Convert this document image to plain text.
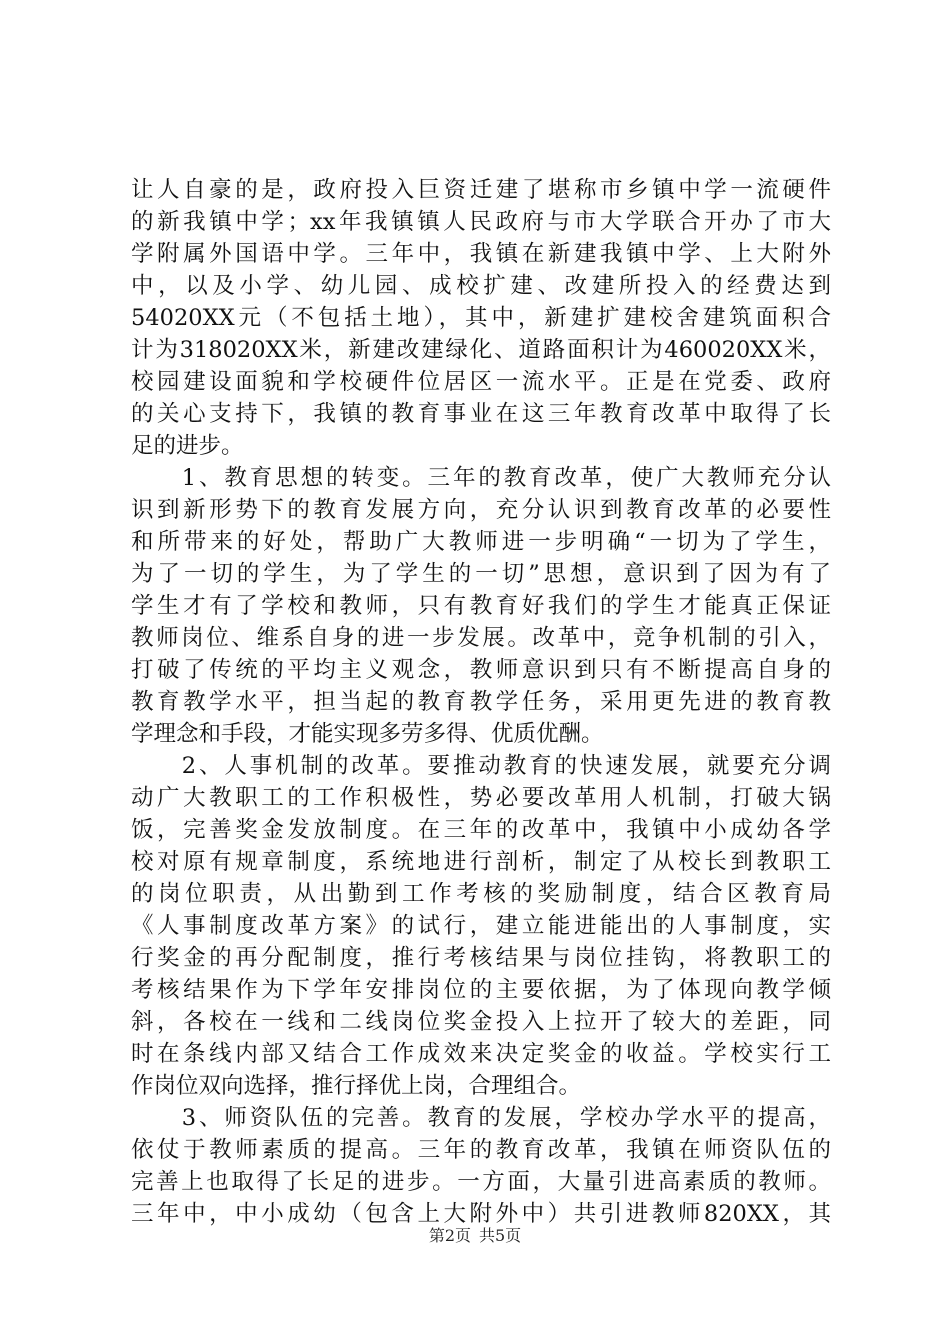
让人自豪的是，政府投入巨资迁建了堪称市乡镇中学一流硬件
的新我镇中学；xx年我镇镇人民政府与市大学联合开办了市大
学附属外国语中学。三年中，我镇在新建我镇中学、上大附外
中，以及小学、幼儿园、成校扩建、改建所投入的经费达到
54020XX元（不包括土地），其中，新建扩建校舍建筑面积合
计为318020XX米，新建改建绿化、道路面积计为460020XX米，
校园建设面貌和学校硬件位居区一流水平。正是在党委、政府
的关心支持下，我镇的教育事业在这三年教育改革中取得了长
足的进步。
　　1、教育思想的转变。三年的教育改革，使广大教师充分认
识到新形势下的教育发展方向，充分认识到教育改革的必要性
和所带来的好处，帮助广大教师进一步明确“一切为了学生，
为了一切的学生，为了学生的一切”思想，意识到了因为有了
学生才有了学校和教师，只有教育好我们的学生才能真正保证
教师岗位、维系自身的进一步发展。改革中，竞争机制的引入，
打破了传统的平均主义观念，教师意识到只有不断提高自身的
教育教学水平，担当起的教育教学任务，采用更先进的教育教
学理念和手段，才能实现多劳多得、优质优酬。
　　2、人事机制的改革。要推动教育的快速发展，就要充分调
动广大教职工的工作积极性，势必要改革用人机制，打破大锅
饭，完善奖金发放制度。在三年的改革中，我镇中小成幼各学
校对原有规章制度，系统地进行剖析，制定了从校长到教职工
的岗位职责，从出勤到工作考核的奖励制度，结合区教育局
《人事制度改革方案》的试行，建立能进能出的人事制度，实
行奖金的再分配制度，推行考核结果与岗位挂钩，将教职工的
考核结果作为下学年安排岗位的主要依据，为了体现向教学倾
斜，各校在一线和二线岗位奖金投入上拉开了较大的差距，同
时在条线内部又结合工作成效来决定奖金的收益。学校实行工
作岗位双向选择，推行择优上岗，合理组合。
　　3、师资队伍的完善。教育的发展，学校办学水平的提高，
依仗于教师素质的提高。三年的教育改革，我镇在师资队伍的
完善上也取得了长足的进步。一方面，大量引进高素质的教师。
三年中，中小成幼（包含上大附外中）共引进教师820XX，其
第2页 共5页
